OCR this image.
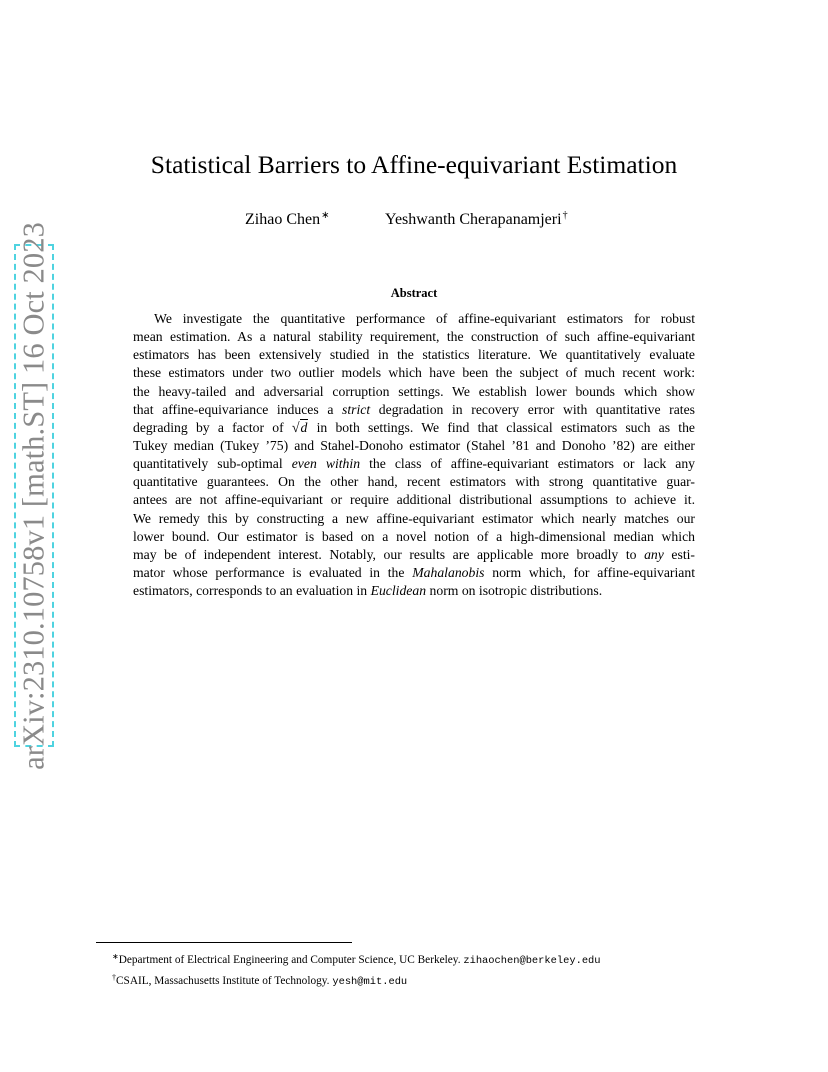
arXiv:2310.10758v1 [math.ST] 16 Oct 2023
Statistical Barriers to Affine-equivariant Estimation
Zihao Chen∗	Yeshwanth Cherapanamjeri†
Abstract
We investigate the quantitative performance of affine-equivariant estimators for robust
mean estimation. As a natural stability requirement, the construction of such affine-equivariant
estimators has been extensively studied in the statistics literature. We quantitatively evaluate
these estimators under two outlier models which have been the subject of much recent work:
the heavy-tailed and adversarial corruption settings. We establish lower bounds which show
that affine-equivariance induces a strict degradation in recovery error with quantitative rates
degrading by a factor of √d in both settings. We find that classical estimators such as the
Tukey median (Tukey ’75) and Stahel-Donoho estimator (Stahel ’81 and Donoho ’82) are either
quantitatively sub-optimal even within the class of affine-equivariant estimators or lack any
quantitative guarantees. On the other hand, recent estimators with strong quantitative guar-
antees are not affine-equivariant or require additional distributional assumptions to achieve it.
We remedy this by constructing a new affine-equivariant estimator which nearly matches our
lower bound. Our estimator is based on a novel notion of a high-dimensional median which
may be of independent interest. Notably, our results are applicable more broadly to any esti-
mator whose performance is evaluated in the Mahalanobis norm which, for affine-equivariant
estimators, corresponds to an evaluation in Euclidean norm on isotropic distributions.
∗Department of Electrical Engineering and Computer Science, UC Berkeley. zihaochen@berkeley.edu
†CSAIL, Massachusetts Institute of Technology. yesh@mit.edu
